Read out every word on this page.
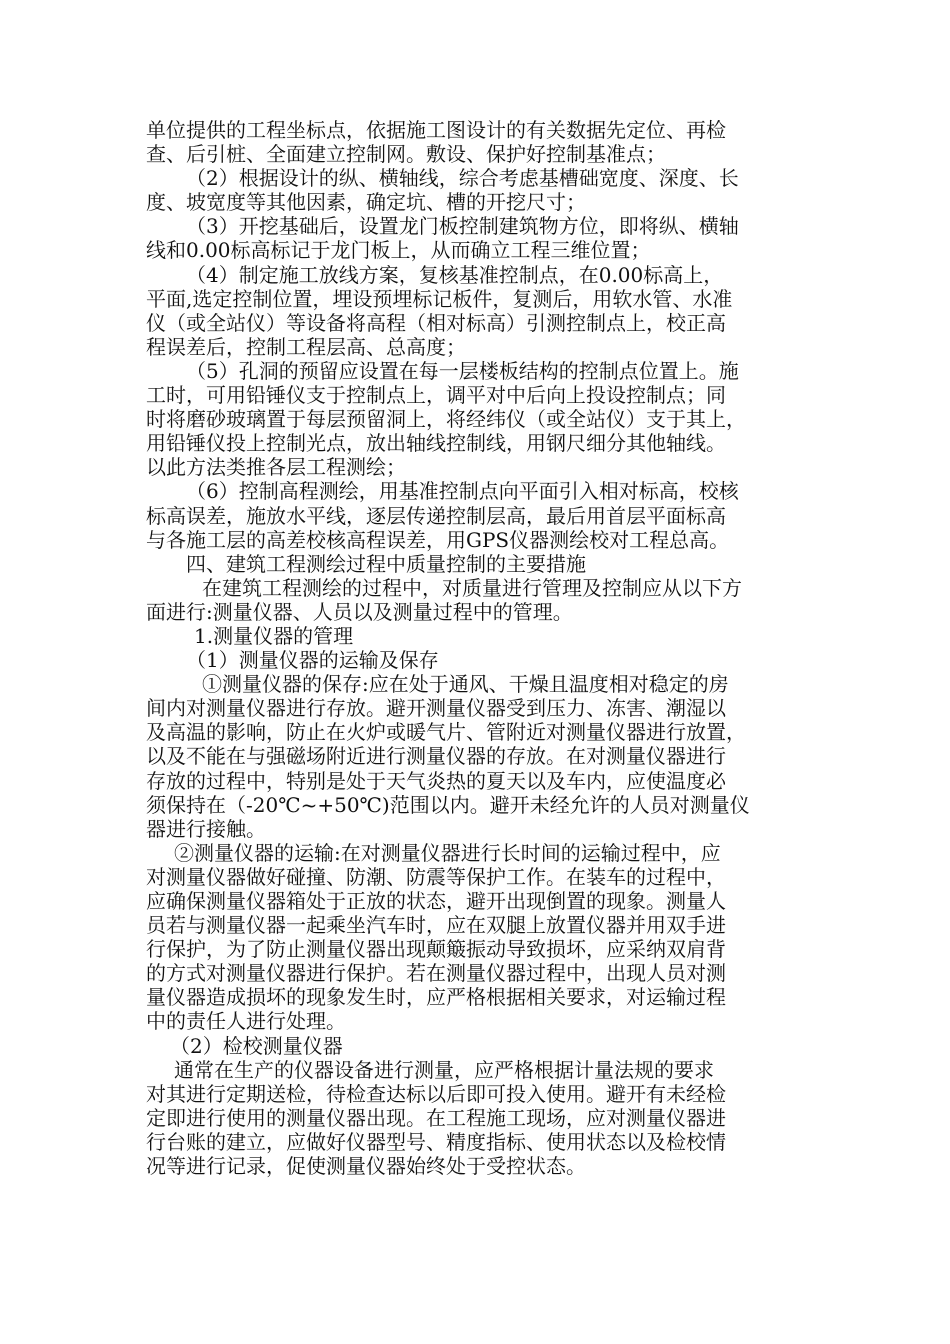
单位提供的工程坐标点，依据施工图设计的有关数据先定位、再检
查、后引桩、全面建立控制网。敷设、保护好控制基准点；
（2）根据设计的纵、横轴线，综合考虑基槽础宽度、深度、长
度、坡宽度等其他因素，确定坑、槽的开挖尺寸；
（3）开挖基础后，设置龙门板控制建筑物方位，即将纵、横轴
线和0.00标高标记于龙门板上，从而确立工程三维位置；
（4）制定施工放线方案，复核基准控制点，在0.00标高上，
平面,选定控制位置，埋设预埋标记板件，复测后，用软水管、水准
仪（或全站仪）等设备将高程（相对标高）引测控制点上，校正高
程误差后，控制工程层高、总高度；
（5）孔洞的预留应设置在每一层楼板结构的控制点位置上。施
工时，可用铅锤仪支于控制点上，调平对中后向上投设控制点；同
时将磨砂玻璃置于每层预留洞上，将经纬仪（或全站仪）支于其上，
用铅锤仪投上控制光点，放出轴线控制线，用钢尺细分其他轴线。
以此方法类推各层工程测绘；
（6）控制高程测绘，用基准控制点向平面引入相对标高，校核
标高误差，施放水平线，逐层传递控制层高，最后用首层平面标高
与各施工层的高差校核高程误差，用GPS仪器测绘校对工程总高。
四、建筑工程测绘过程中质量控制的主要措施
在建筑工程测绘的过程中，对质量进行管理及控制应从以下方
面进行:测量仪器、人员以及测量过程中的管理。
1.测量仪器的管理
（1）测量仪器的运输及保存
①测量仪器的保存:应在处于通风、干燥且温度相对稳定的房
间内对测量仪器进行存放。避开测量仪器受到压力、冻害、潮湿以
及高温的影响，防止在火炉或暖气片、管附近对测量仪器进行放置，
以及不能在与强磁场附近进行测量仪器的存放。在对测量仪器进行
存放的过程中，特别是处于天气炎热的夏天以及车内，应使温度必
须保持在（-20℃~+50℃)范围以内。避开未经允许的人员对测量仪
器进行接触。
②测量仪器的运输:在对测量仪器进行长时间的运输过程中，应
对测量仪器做好碰撞、防潮、防震等保护工作。在装车的过程中，
应确保测量仪器箱处于正放的状态，避开出现倒置的现象。测量人
员若与测量仪器一起乘坐汽车时，应在双腿上放置仪器并用双手进
行保护，为了防止测量仪器出现颠簸振动导致损坏，应采纳双肩背
的方式对测量仪器进行保护。若在测量仪器过程中，出现人员对测
量仪器造成损坏的现象发生时，应严格根据相关要求，对运输过程
中的责任人进行处理。
（2）检校测量仪器
通常在生产的仪器设备进行测量，应严格根据计量法规的要求
对其进行定期送检，待检查达标以后即可投入使用。避开有未经检
定即进行使用的测量仪器出现。在工程施工现场，应对测量仪器进
行台账的建立，应做好仪器型号、精度指标、使用状态以及检校情
况等进行记录，促使测量仪器始终处于受控状态。
